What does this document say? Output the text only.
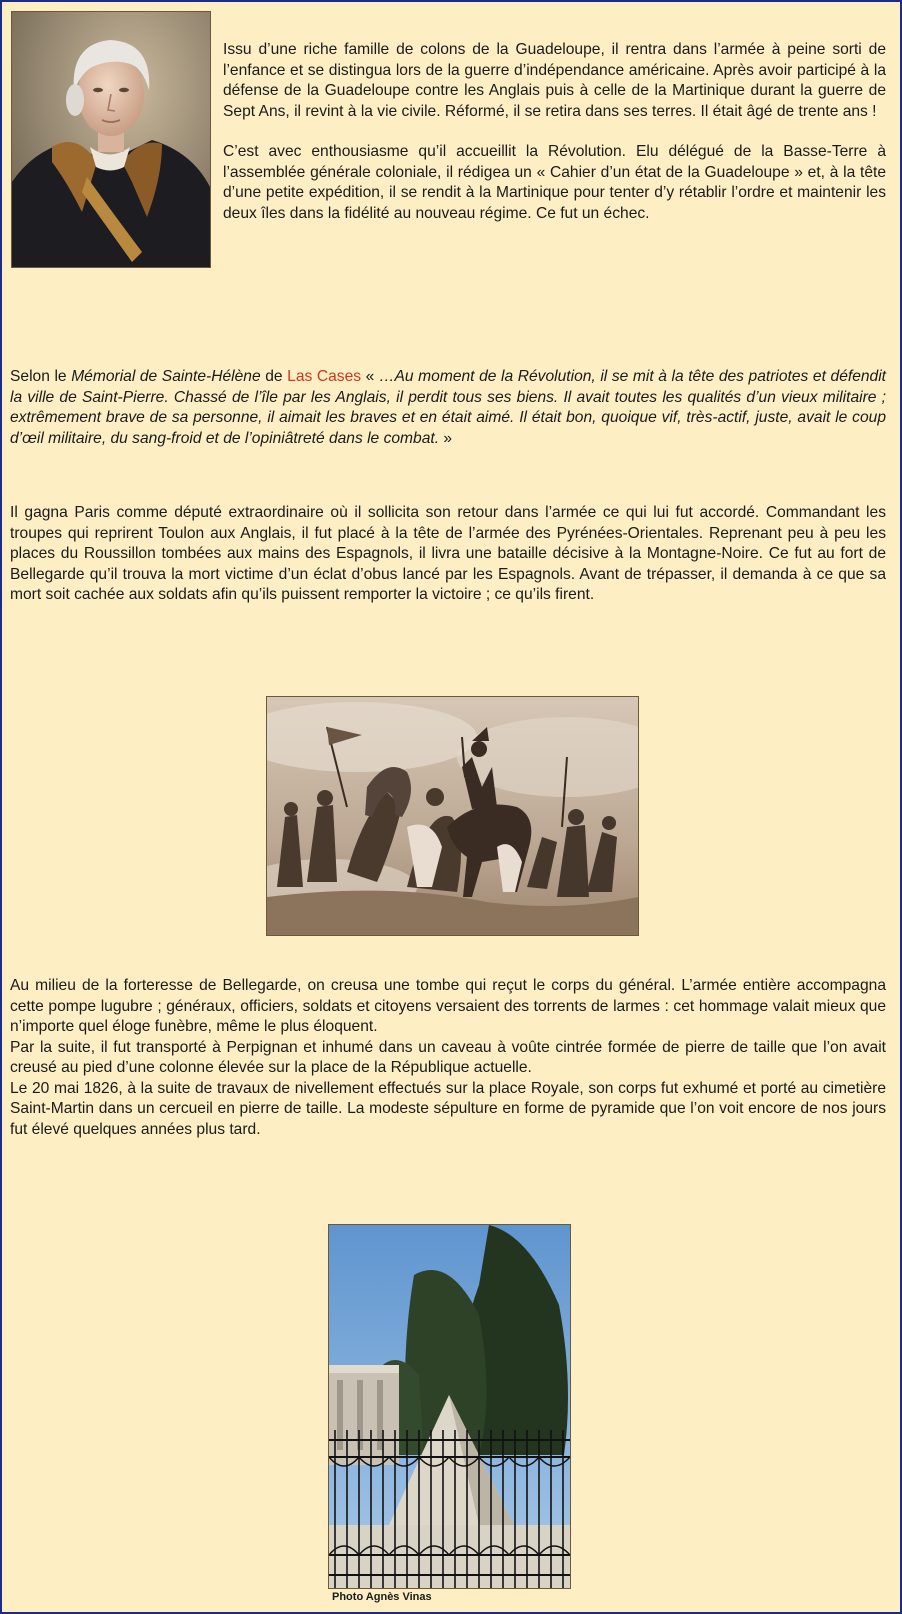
Issu d’une riche famille de colons de la Guadeloupe, il rentra dans l’armée à peine sorti de l’enfance et se distingua lors de la guerre d’indépendance américaine. Après avoir participé à la défense de la Guadeloupe contre les Anglais puis à celle de la Martinique durant la guerre de Sept Ans, il revint à la vie civile. Réformé, il se retira dans ses terres. Il était âgé de trente ans !

C’est avec enthousiasme qu’il accueillit la Révolution. Elu délégué de la Basse-Terre à l’assemblée générale coloniale, il rédigea un « Cahier d’un état de la Guadeloupe » et, à la tête d’une petite expédition, il se rendit à la Martinique pour tenter d’y rétablir l’ordre et maintenir les deux îles dans la fidélité au nouveau régime. Ce fut un échec.

Selon le Mémorial de Sainte-Hélène de Las Cases « …Au moment de la Révolution, il se mit à la tête des patriotes et défendit la ville de Saint-Pierre. Chassé de l’île par les Anglais, il perdit tous ses biens. Il avait toutes les qualités d’un vieux militaire ; extrêmement brave de sa personne, il aimait les braves et en était aimé. Il était bon, quoique vif, très-actif, juste, avait le coup d’œil militaire, du sang-froid et de l’opiniâtreté dans le combat. »

Il gagna Paris comme député extraordinaire où il sollicita son retour dans l’armée ce qui lui fut accordé. Commandant les troupes qui reprirent Toulon aux Anglais, il fut placé à la tête de l’armée des Pyrénées-Orientales. Reprenant peu à peu les places du Roussillon tombées aux mains des Espagnols, il livra une bataille décisive à la Montagne-Noire. Ce fut au fort de Bellegarde qu’il trouva la mort victime d’un éclat d’obus lancé par les Espagnols. Avant de trépasser, il demanda à ce que sa mort soit cachée aux soldats afin qu’ils puissent remporter la victoire ; ce qu’ils firent.

Au milieu de la forteresse de Bellegarde, on creusa une tombe qui reçut le corps du général. L’armée entière accompagna cette pompe lugubre ; généraux, officiers, soldats et citoyens versaient des torrents de larmes : cet hommage valait mieux que n’importe quel éloge funèbre, même le plus éloquent.

Par la suite, il fut transporté à Perpignan et inhumé dans un caveau à voûte cintrée formée de pierre de taille que l’on avait creusé au pied d’une colonne élevée sur la place de la République actuelle.

Le 20 mai 1826, à la suite de travaux de nivellement effectués sur la place Royale, son corps fut exhumé et porté au cimetière Saint-Martin dans un cercueil en pierre de taille. La modeste sépulture en forme de pyramide que l’on voit encore de nos jours fut élevé quelques années plus tard.

Photo Agnès Vinas
